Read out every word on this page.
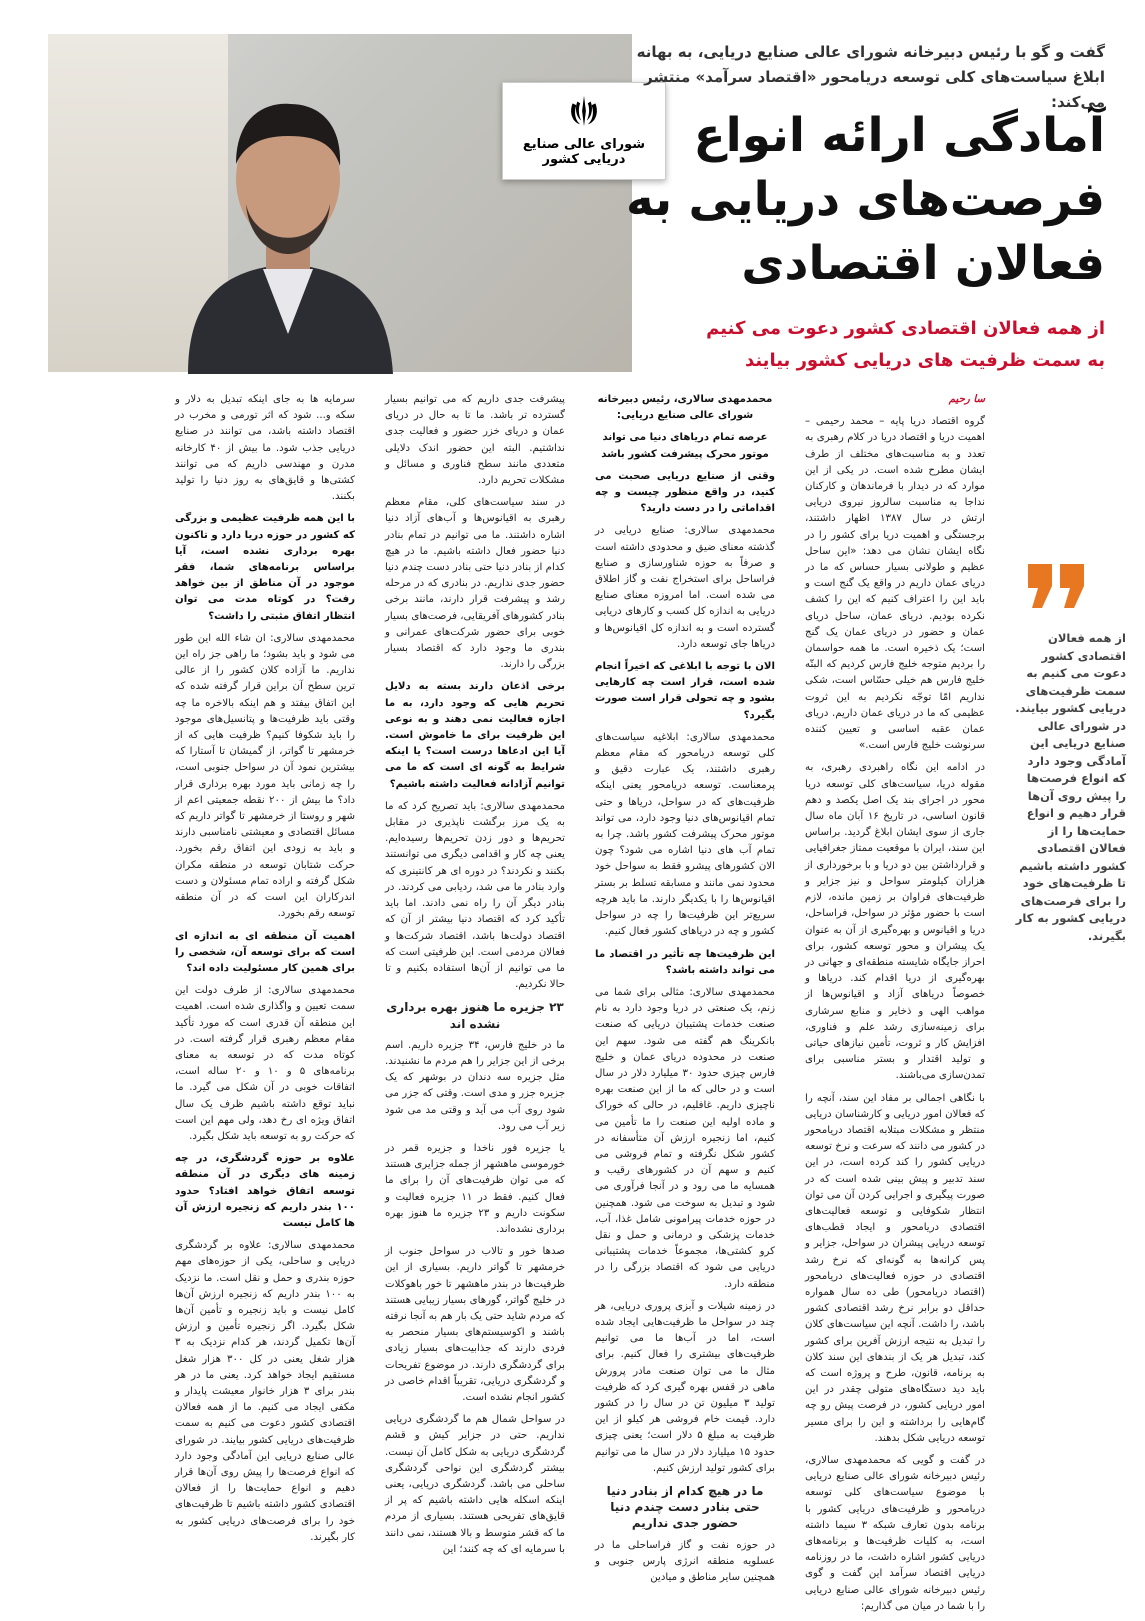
شورای عالی صنایع دریایی کشور
گفت و گو با رئیس دبیرخانه شورای عالی صنایع دریایی، به بهانه ابلاغ سیاست‌های کلی توسعه دریامحور «اقتصاد سرآمد» منتشر می‌کند:
آمادگی ارائه انواع فرصت‌های دریایی به فعالان اقتصادی
از همه فعالان اقتصادی کشور دعوت می کنیم
به سمت ظرفیت های دریایی کشور بیایند
از همه فعالان اقتصادی کشور دعوت می کنیم به سمت ظرفیت‌های دریایی کشور بیایند. در شورای عالی صنایع دریایی این آمادگی وجود دارد که انواع فرصت‌ها را پیش روی آن‌ها قرار دهیم و انواع حمایت‌ها را از فعالان اقتصادی کشور داشته باشیم تا ظرفیت‌های خود را برای فرصت‌های دریایی کشور به کار بگیرند.

سا رحیم

گروه اقتصاد دریا پایه – محمد رحیمی – اهمیت دریا و اقتصاد دریا در کلام رهبری به تعدد و به مناسبت‌های مختلف از طرف ایشان مطرح شده است. در یکی از این موارد که در دیدار با فرماندهان و کارکنان نداجا به مناسبت سالروز نیروی دریایی ارتش در سال ۱۳۸۷ اظهار داشتند، برجستگی و اهمیت دریا برای کشور را در نگاه ایشان نشان می دهد: «این ساحل عظیم و طولانی بسیار حساس که ما در دریای عمان داریم در واقع یک گنج است و باید این را اعتراف کنیم که این را کشف نکرده بودیم. دریای عمان، ساحل دریای عمان و حضور در دریای عمان یک گنج است؛ یک ذخیره است. ما همه حواسمان را بردیم متوجه خلیج فارس کردیم که البتّه خلیج فارس هم خیلی حسّاس است، شکی نداریم امّا توجّه نکردیم به این ثروت عظیمی که ما در دریای عمان داریم. دریای عمان عقبه اساسی و تعیین کننده سرنوشت خلیج فارس است.»

در ادامه این نگاه راهبردی رهبری، به مقوله دریا، سیاست‌های کلی توسعه دریا محور در اجرای بند یک اصل یکصد و دهم قانون اساسی، در تاریخ ۱۶ آبان ماه سال جاری از سوی ایشان ابلاغ گردید. براساس این سند، ایران با موقعیت ممتاز جغرافیایی و قرارداشتن بین دو دریا و با برخورداری از هزاران کیلومتر سواحل و نیز جزایر و ظرفیت‌های فراوان بر زمین مانده، لازم است با حضور مؤثر در سواحل، فراساحل، دریا و اقیانوس و بهره‌گیری از آن به عنوان یک پیشران و محور توسعه کشور، برای احراز جایگاه شایسته منطقه‌ای و جهانی در بهره‌گیری از دریا اقدام کند. دریاها و خصوصاً دریاهای آزاد و اقیانوس‌ها از مواهب الهی و ذخایر و منابع سرشاری برای زمینه‌سازی رشد علم و فناوری، افزایش کار و ثروت، تأمین نیازهای حیاتی و تولید اقتدار و بستر مناسبی برای تمدن‌سازی می‌باشند.

با نگاهی اجمالی بر مفاد این سند، آنچه را که فعالان امور دریایی و کارشناسان دریایی منتظر و مشکلات مبتلابه اقتصاد دریامحور در کشور می دانند که سرعت و نرخ توسعه دریایی کشور را کند کرده است، در این سند تدبیر و پیش بینی شده است که در صورت پیگیری و اجرایی کردن آن می توان انتظار شکوفایی و توسعه فعالیت‌های اقتصادی دریامحور و ایجاد قطب‌های توسعه دریایی پیشران در سواحل، جزایر و پس کرانه‌ها به گونه‌ای که نرخ رشد اقتصادی در حوزه فعالیت‌های دریامحور (اقتصاد دریامحور) طی ده سال همواره حداقل دو برابر نرخ رشد اقتصادی کشور باشد، را داشت. آنچه این سیاست‌های کلان را تبدیل به نتیجه ارزش آفرین برای کشور کند، تبدیل هر یک از بندهای این سند کلان به برنامه، قانون، طرح و پروژه است که باید دید دستگاه‌های متولی چقدر در این امور دریایی کشور، در فرصت پیش رو چه گام‌هایی را برداشته و این را برای مسیر توسعه دریایی شکل بدهند.

در گفت و گویی که محمدمهدی سالاری، رئیس دبیرخانه شورای عالی صنایع دریایی با موضوع سیاست‌های کلی توسعه دریامحور و ظرفیت‌های دریایی کشور با برنامه بدون تعارف شبکه ۳ سیما داشته است، به کلیات ظرفیت‌ها و برنامه‌های دریایی کشور اشاره داشت، ما در روزنامه دریایی اقتصاد سرآمد این گفت و گوی رئیس دبیرخانه شورای عالی صنایع دریایی را با شما در میان می گذاریم:

محمدمهدی سالاری، رئیس دبیرخانه شورای عالی صنایع دریایی:

عرصه تمام دریاهای دنیا می تواند موتور محرک پیشرفت کشور باشد

وقتی از صنایع دریایی صحبت می کنید، در واقع منظور چیست و چه اقداماتی را در دست دارید؟

محمدمهدی سالاری: صنایع دریایی در گذشته معنای ضیق و محدودی داشته است و صرفاً به حوزه شناورسازی و صنایع فراساحل برای استخراج نفت و گاز اطلاق می شده است. اما امروزه معنای صنایع دریایی به اندازه کل کسب و کارهای دریایی گسترده است و به اندازه کل اقیانوس‌ها و دریاها جای توسعه دارد.

الان با توجه با ابلاغی که اخیراً انجام شده است، قرار است چه کارهایی بشود و چه تحولی قرار است صورت بگیرد؟

محمدمهدی سالاری: ابلاغیه سیاست‌های کلی توسعه دریامحور که مقام معظم رهبری داشتند، یک عبارت دقیق و پرمعناست. توسعه دریامحور یعنی اینکه ظرفیت‌های که در سواحل، دریاها و حتی تمام اقیانوس‌های دنیا وجود دارد، می تواند موتور محرک پیشرفت کشور باشد. چرا به تمام آب های دنیا اشاره می شود؟ چون الان کشورهای پیشرو فقط به سواحل خود محدود نمی مانند و مسابقه تسلط بر بستر اقیانوس‌ها را با یکدیگر دارند. ما باید هرچه سریع‌تر این ظرفیت‌ها را چه در سواحل کشور و چه در دریاهای کشور فعال کنیم.

این ظرفیت‌ها چه تأثیر در اقتصاد ما می تواند داشته باشد؟

محمدمهدی سالاری: مثالی برای شما می زنم، یک صنعتی در دریا وجود دارد به نام صنعت خدمات پشتیبان دریایی که صنعت بانکرینگ هم گفته می شود. سهم این صنعت در محدوده دریای عمان و خلیج فارس چیزی حدود ۳۰ میلیارد دلار در سال است و در حالی که ما از این صنعت بهره ناچیزی داریم. غافلیم، در حالی که خوراک و ماده اولیه این صنعت را ما تأمین می کنیم، اما زنجیره ارزش آن متأسفانه در کشور شکل نگرفته و تمام فروشی می کنیم و سهم آن در کشورهای رقیب و همسایه ما می رود و در آنجا فرآوری می شود و تبدیل به سوخت می شود. همچنین در حوزه خدمات پیرامونی شامل غذا، آب، خدمات پزشکی و درمانی و حمل و نقل کرو کشتی‌ها، مجموعاً خدمات پشتیبانی دریایی می شود که اقتصاد بزرگی را در منطقه دارد.

در زمینه شیلات و آبزی پروری دریایی، هر چند در سواحل ما ظرفیت‌هایی ایجاد شده است، اما در آب‌ها ما می توانیم ظرفیت‌های بیشتری را فعال کنیم. برای مثال ما می توان صنعت مادر پرورش ماهی در قفس بهره گیری کرد که ظرفیت تولید ۳ میلیون تن در سال را در کشور دارد. قیمت خام فروشی هر کیلو از این ظرفیت به مبلغ ۵ دلار است؛ یعنی چیزی حدود ۱۵ میلیارد دلار در سال ما می توانیم برای کشور تولید ارزش کنیم.

ما در هیچ کدام از بنادر دنیا حتی بنادر دست چندم دنیا حضور جدی نداریم

در حوزه نفت و گاز فراساحلی ما در عسلویه منطقه انرژی پارس جنوبی و همچنین سایر مناطق و میادین

پیشرفت جدی داریم که می توانیم بسیار گسترده تر باشد. ما تا به حال در دریای عمان و دریای خزر حضور و فعالیت جدی نداشتیم. البته این حضور اندک دلایلی متعددی مانند سطح فناوری و مسائل و مشکلات تحریم دارد.

در سند سیاست‌های کلی، مقام معظم رهبری به اقیانوس‌ها و آب‌های آزاد دنیا اشاره داشتند. ما می توانیم در تمام بنادر دنیا حضور فعال داشته باشیم. ما در هیچ کدام از بنادر دنیا حتی بنادر دست چندم دنیا حضور جدی نداریم. در بنادری که در مرحله رشد و پیشرفت قرار دارند، مانند برخی بنادر کشورهای آفریقایی، فرصت‌های بسیار خوبی برای حضور شرکت‌های عمرانی و بندری ما وجود دارد که اقتصاد بسیار بزرگی را دارند.

برخی اذعان دارند بسته به دلایل تحریم هایی که وجود دارد، به ما اجازه فعالیت نمی دهند و به نوعی این ظرفیت برای ما خاموش است. آیا این ادعاها درست است؟ یا اینکه شرایط به گونه ای است که ما می توانیم آزادانه فعالیت داشته باشیم؟

محمدمهدی سالاری: باید تصریح کرد که ما به یک مرز برگشت ناپذیری در مقابل تحریم‌ها و دور زدن تحریم‌ها رسیده‌ایم. یعنی چه کار و اقدامی دیگری می توانستند بکنند و نکردند؟ در دوره ای هر کانتینری که وارد بنادر ما می شد، ردیابی می کردند. در بنادر دیگر آن را راه نمی دادند. اما باید تأکید کرد که اقتصاد دنیا بیشتر از آن که اقتصاد دولت‌ها باشد، اقتصاد شرکت‌ها و فعالان مردمی است. این ظرفیتی است که ما می توانیم از آن‌ها استفاده بکنیم و تا حالا نکردیم.

۲۳ جزیره ما هنوز بهره برداری نشده اند

ما در خلیج فارس، ۳۴ جزیره داریم. اسم برخی از این جزایر را هم مردم ما نشنیدند. مثل جزیره سه دندان در بوشهر که یک جزیره جزر و مدی است. وقتی که جزر می شود روی آب می آید و وقتی مد می شود زیر آب می رود.

یا جزیره فور ناخدا و جزیره قمر در خورموسی ماهشهر از جمله جزایری هستند که می توان ظرفیت‌های آن را برای ما فعال کنیم. فقط در ۱۱ جزیره فعالیت و سکونت داریم و ۲۳ جزیره ما هنوز بهره برداری نشده‌اند.

صدها خور و تالاب در سواحل جنوب از خرمشهر تا گواتر داریم. بسیاری از این ظرفیت‌ها در بندر ماهشهر تا خور باهوکلات در خلیج گواتر، گورهای بسیار زیبایی هستند که مردم شاید حتی یک بار هم به آنجا نرفته باشند و اکوسیستم‌های بسیار منحصر به فردی دارند که جذابیت‌های بسیار زیادی برای گردشگری دارند. در موضوع تفریحات و گردشگری دریایی، تقریباً اقدام خاصی در کشور انجام نشده است.

در سواحل شمال هم ما گردشگری دریایی نداریم. حتی در جزایر کیش و قشم گردشگری دریایی به شکل کامل آن نیست. بیشتر گردشگری این نواحی گردشگری ساحلی می باشد. گردشگری دریایی، یعنی اینکه اسکله هایی داشته باشیم که پر از قایق‌های تفریحی هستند. بسیاری از مردم ما که قشر متوسط و بالا هستند، نمی دانند با سرمایه ای که چه کنند؛ این

سرمایه ها به جای اینکه تبدیل به دلار و سکه و... شود که اثر تورمی و مخرب در اقتصاد داشته باشد، می توانند در صنایع دریایی جذب شود. ما بیش از ۴۰ کارخانه مدرن و مهندسی داریم که می توانند کشتی‌ها و قایق‌های به روز دنیا را تولید بکنند.

با این همه ظرفیت عظیمی و بزرگی که کشور در حوزه دریا دارد و تاکنون بهره برداری نشده است، آیا براساس برنامه‌های شما، فقر موجود در آن مناطق از بین خواهد رفت؟ در کوتاه مدت می توان انتظار اتفاق مثبتی را داشت؟

محمدمهدی سالاری: ان شاء الله این طور می شود و باید بشود؛ ما راهی جز راه این نداریم. ما آزاده کلان کشور را از عالی ترین سطح آن براین قرار گرفته شده که این اتفاق بیفتد و هم اینکه بالاخره ما چه وقتی باید ظرفیت‌ها و پتانسیل‌های موجود را باید شکوفا کنیم؟ ظرفیت هایی که از خرمشهر تا گواتر، از گمیشان تا آستارا که بیشترین نمود آن در سواحل جنوبی است، را چه زمانی باید مورد بهره برداری قرار داد؟ ما بیش از ۲۰۰ نقطه جمعیتی اعم از شهر و روستا از خرمشهر تا گواتر داریم که مسائل اقتصادی و معیشتی نامناسبی دارند و باید به زودی این اتفاق رقم بخورد. حرکت شتابان توسعه در منطقه مکران شکل گرفته و اراده تمام مسئولان و دست اندرکاران این است که در آن منطقه توسعه رقم بخورد.

اهمیت آن منطقه ای به اندازه ای است که برای توسعه آن، شخصی را برای همین کار مسئولیت داده اند؟

محمدمهدی سالاری: از طرف دولت این سمت تعیین و واگذاری شده است. اهمیت این منطقه آن قدری است که مورد تأکید مقام معظم رهبری قرار گرفته است. در کوتاه مدت که در توسعه به معنای برنامه‌های ۵ و ۱۰ و ۲۰ ساله است، اتفاقات خوبی در آن شکل می گیرد. ما نباید توقع داشته باشیم ظرف یک سال اتفاق ویژه ای رخ دهد، ولی مهم این است که حرکت رو به توسعه باید شکل بگیرد.

علاوه بر حوزه گردشگری، در چه زمینه های دیگری در آن منطقه توسعه اتفاق خواهد افتاد؟ حدود ۱۰۰ بندر داریم که زنجیره ارزش آن ها کامل نیست

محمدمهدی سالاری: علاوه بر گردشگری دریایی و ساحلی، یکی از حوزه‌های مهم حوزه بندری و حمل و نقل است. ما نزدیک به ۱۰۰ بندر داریم که زنجیره ارزش آن‌ها کامل نیست و باید زنجیره و تأمین آن‌ها شکل بگیرد. اگر زنجیره تأمین و ارزش آن‌ها تکمیل گردند، هر کدام نزدیک به ۳ هزار شغل یعنی در کل ۳۰۰ هزار شغل مستقیم ایجاد خواهد کرد. یعنی ما در هر بندر برای ۳ هزار خانوار معیشت پایدار و مکفی ایجاد می کنیم. ما از همه فعالان اقتصادی کشور دعوت می کنیم به سمت ظرفیت‌های دریایی کشور بیایند. در شورای عالی صنایع دریایی این آمادگی وجود دارد که انواع فرصت‌ها را پیش روی آن‌ها قرار دهیم و انواع حمایت‌ها را از فعالان اقتصادی کشور داشته باشیم تا ظرفیت‌های خود را برای فرصت‌های دریایی کشور به کار بگیرند.
